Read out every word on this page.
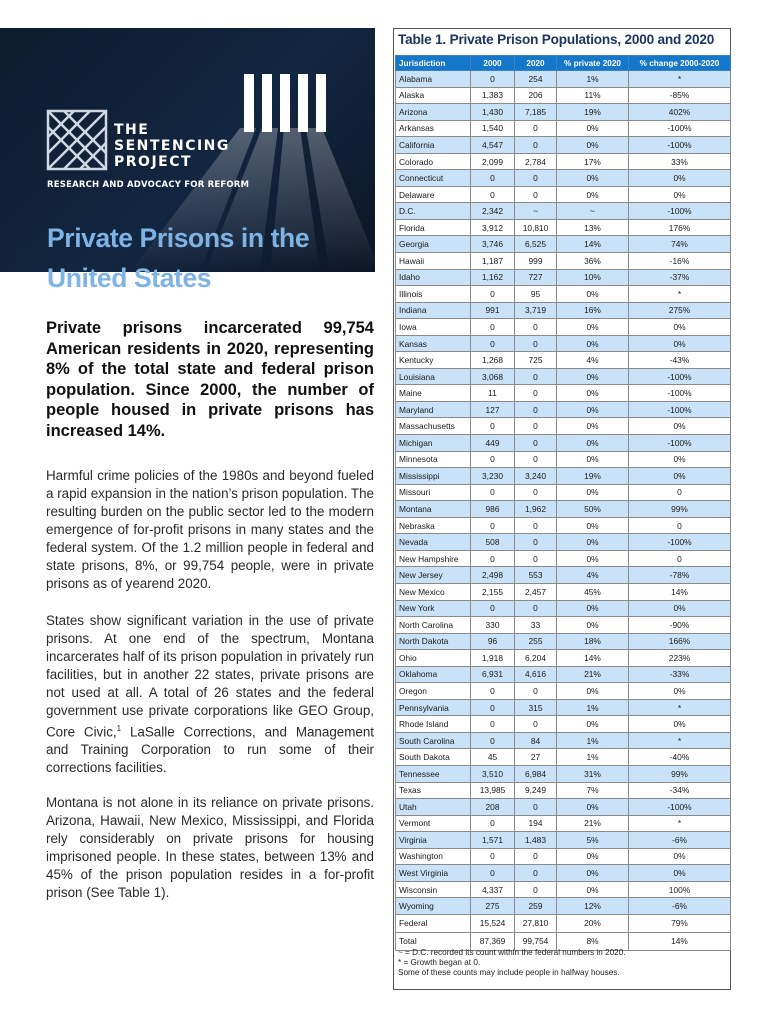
THE
SENTENCING
PROJECT
RESEARCH AND ADVOCACY FOR REFORM
Private Prisons in the
United States
Private prisons incarcerated 99,754 American residents in 2020, representing 8% of the total state and federal prison population. Since 2000, the number of people housed in private prisons has increased 14%.
Harmful crime policies of the 1980s and beyond fueled a rapid expansion in the nation’s prison population. The resulting burden on the public sector led to the modern emergence of for-profit prisons in many states and the federal system. Of the 1.2 million people in federal and state prisons, 8%, or 99,754 people, were in private prisons as of yearend 2020.
States show significant variation in the use of private prisons. At one end of the spectrum, Montana incarcerates half of its prison population in privately run facilities, but in another 22 states, private prisons are not used at all. A total of 26 states and the federal government use private corporations like GEO Group, Core Civic,$^1$ LaSalle Corrections, and Management and Training Corporation to run some of their corrections facilities.
Montana is not alone in its reliance on private prisons. Arizona, Hawaii, New Mexico, Mississippi, and Florida rely considerably on private prisons for housing imprisoned people. In these states, between 13% and 45% of the prison population resides in a for-profit prison (See Table 1).
Table 1. Private Prison Populations, 2000 and 2020
Jurisdiction	2000	2020	% private 2020	% change 2000-2020
Alabama	0	254	1%	*
Alaska	1,383	206	11%	-85%
Arizona	1,430	7,185	19%	402%
Arkansas	1,540	0	0%	-100%
California	4,547	0	0%	-100%
Colorado	2,099	2,784	17%	33%
Connecticut	0	0	0%	0%
Delaware	0	0	0%	0%
D.C.	2,342	~	~	-100%
Florida	3,912	10,810	13%	176%
Georgia	3,746	6,525	14%	74%
Hawaii	1,187	999	36%	-16%
Idaho	1,162	727	10%	-37%
Illinois	0	95	0%	*
Indiana	991	3,719	16%	275%
Iowa	0	0	0%	0%
Kansas	0	0	0%	0%
Kentucky	1,268	725	4%	-43%
Louisiana	3,068	0	0%	-100%
Maine	11	0	0%	-100%
Maryland	127	0	0%	-100%
Massachusetts	0	0	0%	0%
Michigan	449	0	0%	-100%
Minnesota	0	0	0%	0%
Mississippi	3,230	3,240	19%	0%
Missouri	0	0	0%	0
Montana	986	1,962	50%	99%
Nebraska	0	0	0%	0
Nevada	508	0	0%	-100%
New Hampshire	0	0	0%	0
New Jersey	2,498	553	4%	-78%
New Mexico	2,155	2,457	45%	14%
New York	0	0	0%	0%
North Carolina	330	33	0%	-90%
North Dakota	96	255	18%	166%
Ohio	1,918	6,204	14%	223%
Oklahoma	6,931	4,616	21%	-33%
Oregon	0	0	0%	0%
Pennsylvania	0	315	1%	*
Rhode Island	0	0	0%	0%
South Carolina	0	84	1%	*
South Dakota	45	27	1%	-40%
Tennessee	3,510	6,984	31%	99%
Texas	13,985	9,249	7%	-34%
Utah	208	0	0%	-100%
Vermont	0	194	21%	*
Virginia	1,571	1,483	5%	-6%
Washington	0	0	0%	0%
West Virginia	0	0	0%	0%
Wisconsin	4,337	0	0%	100%
Wyoming	275	259	12%	-6%
Federal	15,524	27,810	20%	79%
Total	87,369	99,754	8%	14%
~ = D.C. recorded its count within the federal numbers in 2020.
* = Growth began at 0.
Some of these counts may include people in halfway houses.
